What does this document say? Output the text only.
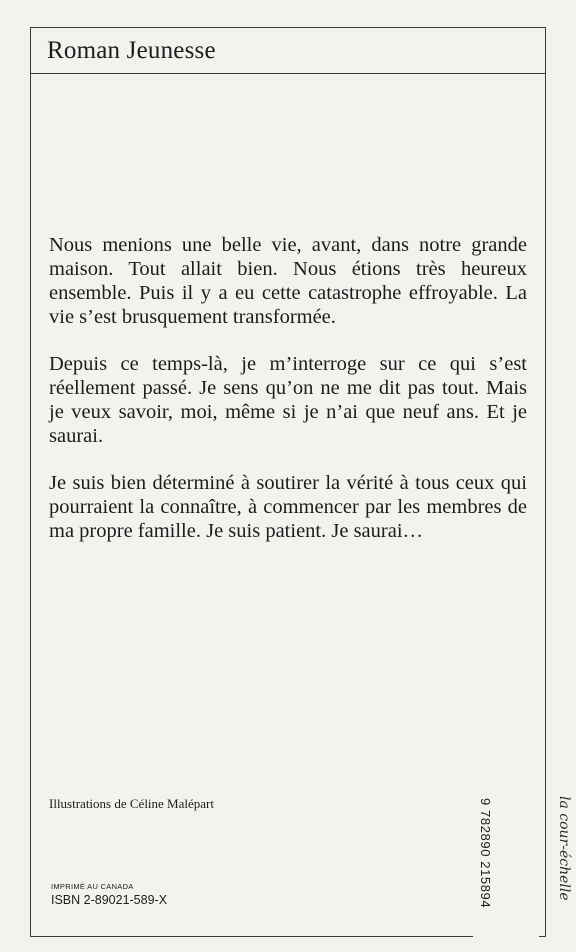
Roman Jeunesse

Nous menions une belle vie, avant, dans notre grande maison. Tout allait bien. Nous étions très heureux ensemble. Puis il y a eu cette catastrophe effroyable. La vie s’est brusquement transformée.

Depuis ce temps-là, je m’interroge sur ce qui s’est réellement passé. Je sens qu’on ne me dit pas tout. Mais je veux savoir, moi, même si je n’ai que neuf ans. Et je saurai.

Je suis bien déterminé à soutirer la vérité à tous ceux qui pourraient la connaître, à commencer par les membres de ma propre famille. Je suis patient. Je saurai…

Illustrations de Céline Malépart
IMPRIMÉ AU CANADA
ISBN 2-89021-589-X	9 782890 215894	la cour-échelle
